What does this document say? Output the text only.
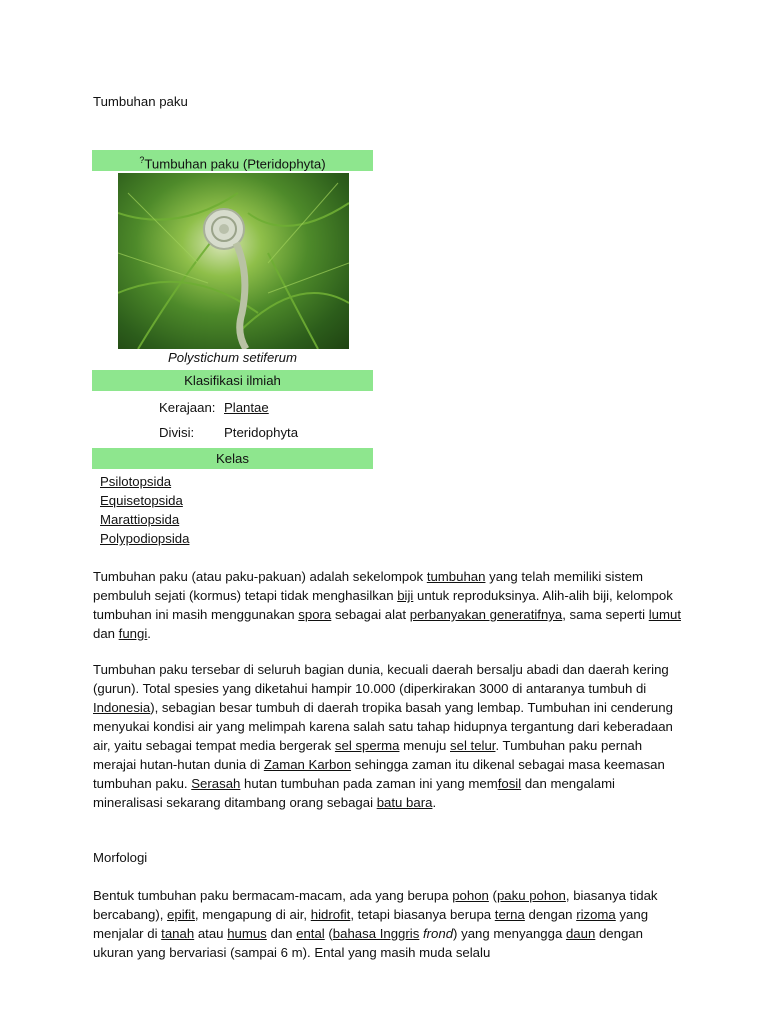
Tumbuhan paku
?Tumbuhan paku (Pteridophyta)
Polystichum setiferum
Klasifikasi ilmiah
Kerajaan: Plantae
Divisi: Pteridophyta
Kelas
Psilotopsida
Equisetopsida
Marattiopsida
Polypodiopsida

Tumbuhan paku (atau paku-pakuan) adalah sekelompok tumbuhan yang telah memiliki sistem pembuluh sejati (kormus) tetapi tidak menghasilkan biji untuk reproduksinya. Alih-alih biji, kelompok tumbuhan ini masih menggunakan spora sebagai alat perbanyakan generatifnya, sama seperti lumut dan fungi.

Tumbuhan paku tersebar di seluruh bagian dunia, kecuali daerah bersalju abadi dan daerah kering (gurun). Total spesies yang diketahui hampir 10.000 (diperkirakan 3000 di antaranya tumbuh di Indonesia), sebagian besar tumbuh di daerah tropika basah yang lembap. Tumbuhan ini cenderung menyukai kondisi air yang melimpah karena salah satu tahap hidupnya tergantung dari keberadaan air, yaitu sebagai tempat media bergerak sel sperma menuju sel telur. Tumbuhan paku pernah merajai hutan-hutan dunia di Zaman Karbon sehingga zaman itu dikenal sebagai masa keemasan tumbuhan paku. Serasah hutan tumbuhan pada zaman ini yang memfosil dan mengalami mineralisasi sekarang ditambang orang sebagai batu bara.

Morfologi

Bentuk tumbuhan paku bermacam-macam, ada yang berupa pohon (paku pohon, biasanya tidak bercabang), epifit, mengapung di air, hidrofit, tetapi biasanya berupa terna dengan rizoma yang menjalar di tanah atau humus dan ental (bahasa Inggris frond) yang menyangga daun dengan ukuran yang bervariasi (sampai 6 m). Ental yang masih muda selalu
